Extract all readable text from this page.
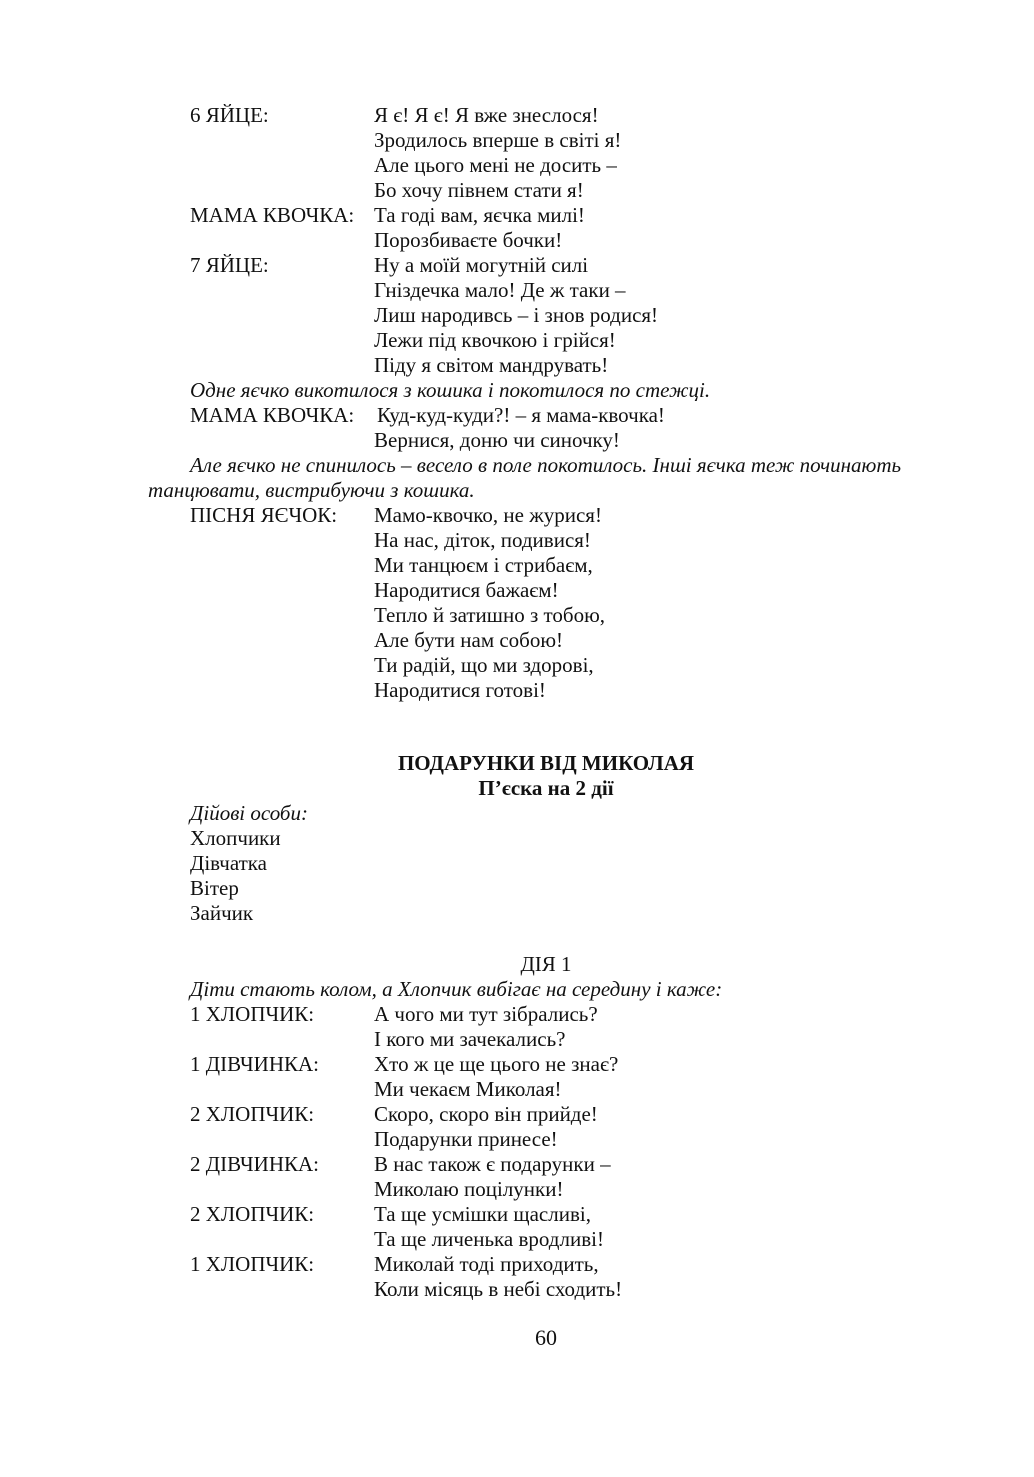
6 ЯЙЦЕ:	Я є! Я є! Я вже знеслося!
Зродилось вперше в світі я!
Але цього мені не досить –
Бо хочу півнем стати я!
МАМА КВОЧКА: Та годі вам, яєчка милі!
Порозбиваєте бочки!
7 ЯЙЦЕ:	Ну а моїй могутній силі
Гніздечка мало! Де ж таки –
Лиш народивсь – і знов родися!
Лежи під квочкою і грійся!
Піду я світом мандрувать!
Одне яєчко викотилося з кошика і покотилося по стежці.
МАМА КВОЧКА: Куд-куд-куди?! – я мама-квочка!
Вернися, доню чи синочку!
Але яєчко не спинилось – весело в поле покотилось. Інші яєчка теж починають
танцювати, вистрибуючи з кошика.
ПІСНЯ ЯЄЧОК: Мамо-квочко, не журися!
На нас, діток, подивися!
Ми танцюєм і стрибаєм,
Народитися бажаєм!
Тепло й затишно з тобою,
Але бути нам собою!
Ти радій, що ми здорові,
Народитися готові!
ПОДАРУНКИ ВІД МИКОЛАЯ
П’єска на 2 дії
Дійові особи:
Хлопчики
Дівчатка
Вітер
Зайчик
ДІЯ 1
Діти стають колом, а Хлопчик вибігає на середину і каже:
1 ХЛОПЧИК:	А чого ми тут зібрались?
І кого ми зачекались?
1 ДІВЧИНКА:	Хто ж це ще цього не знає?
Ми чекаєм Миколая!
2 ХЛОПЧИК:	Скоро, скоро він прийде!
Подарунки принесе!
2 ДІВЧИНКА:	В нас також є подарунки –
Миколаю поцілунки!
2 ХЛОПЧИК:	Та ще усмішки щасливі,
Та ще личенька вродливі!
1 ХЛОПЧИК:	Миколай тоді приходить,
Коли місяць в небі сходить!
60
